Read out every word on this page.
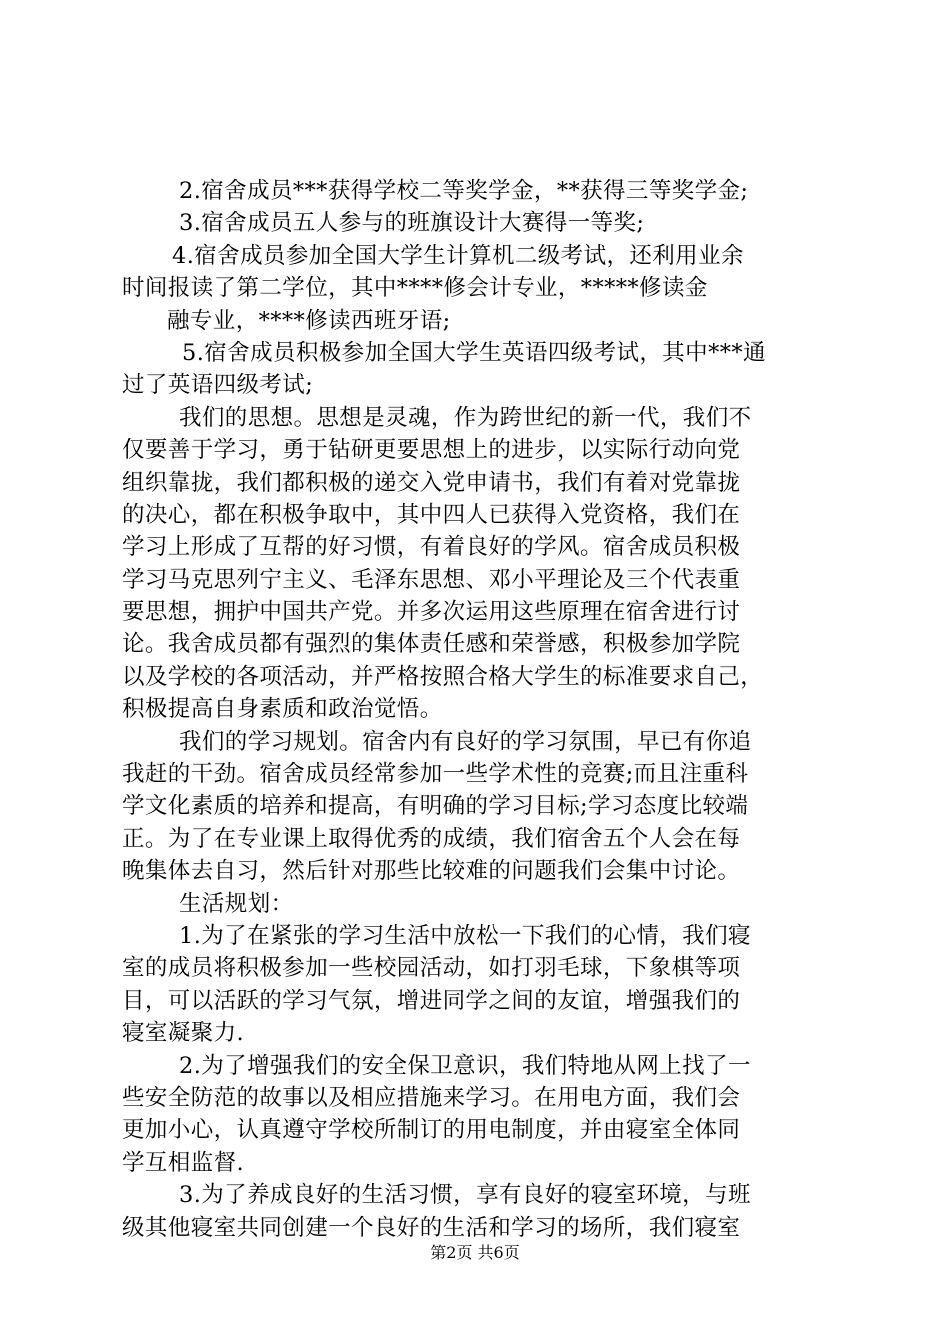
2.宿舍成员***获得学校二等奖学金，**获得三等奖学金;
3.宿舍成员五人参与的班旗设计大赛得一等奖;
4.宿舍成员参加全国大学生计算机二级考试，还利用业余
时间报读了第二学位，其中****修会计专业，*****修读金
融专业，****修读西班牙语;
5.宿舍成员积极参加全国大学生英语四级考试，其中***通
过了英语四级考试;
我们的思想。思想是灵魂，作为跨世纪的新一代，我们不
仅要善于学习，勇于钻研更要思想上的进步，以实际行动向党
组织靠拢，我们都积极的递交入党申请书，我们有着对党靠拢
的决心，都在积极争取中，其中四人已获得入党资格，我们在
学习上形成了互帮的好习惯，有着良好的学风。宿舍成员积极
学习马克思列宁主义、毛泽东思想、邓小平理论及三个代表重
要思想，拥护中国共产党。并多次运用这些原理在宿舍进行讨
论。我舍成员都有强烈的集体责任感和荣誉感，积极参加学院
以及学校的各项活动，并严格按照合格大学生的标准要求自己，
积极提高自身素质和政治觉悟。
我们的学习规划。宿舍内有良好的学习氛围，早已有你追
我赶的干劲。宿舍成员经常参加一些学术性的竞赛;而且注重科
学文化素质的培养和提高，有明确的学习目标;学习态度比较端
正。为了在专业课上取得优秀的成绩，我们宿舍五个人会在每
晚集体去自习，然后针对那些比较难的问题我们会集中讨论。
生活规划：
1.为了在紧张的学习生活中放松一下我们的心情，我们寝
室的成员将积极参加一些校园活动，如打羽毛球，下象棋等项
目，可以活跃的学习气氛，增进同学之间的友谊，增强我们的
寝室凝聚力.
2.为了增强我们的安全保卫意识，我们特地从网上找了一
些安全防范的故事以及相应措施来学习。在用电方面，我们会
更加小心，认真遵守学校所制订的用电制度，并由寝室全体同
学互相监督.
3.为了养成良好的生活习惯，享有良好的寝室环境，与班
级其他寝室共同创建一个良好的生活和学习的场所，我们寝室
第2页 共6页
